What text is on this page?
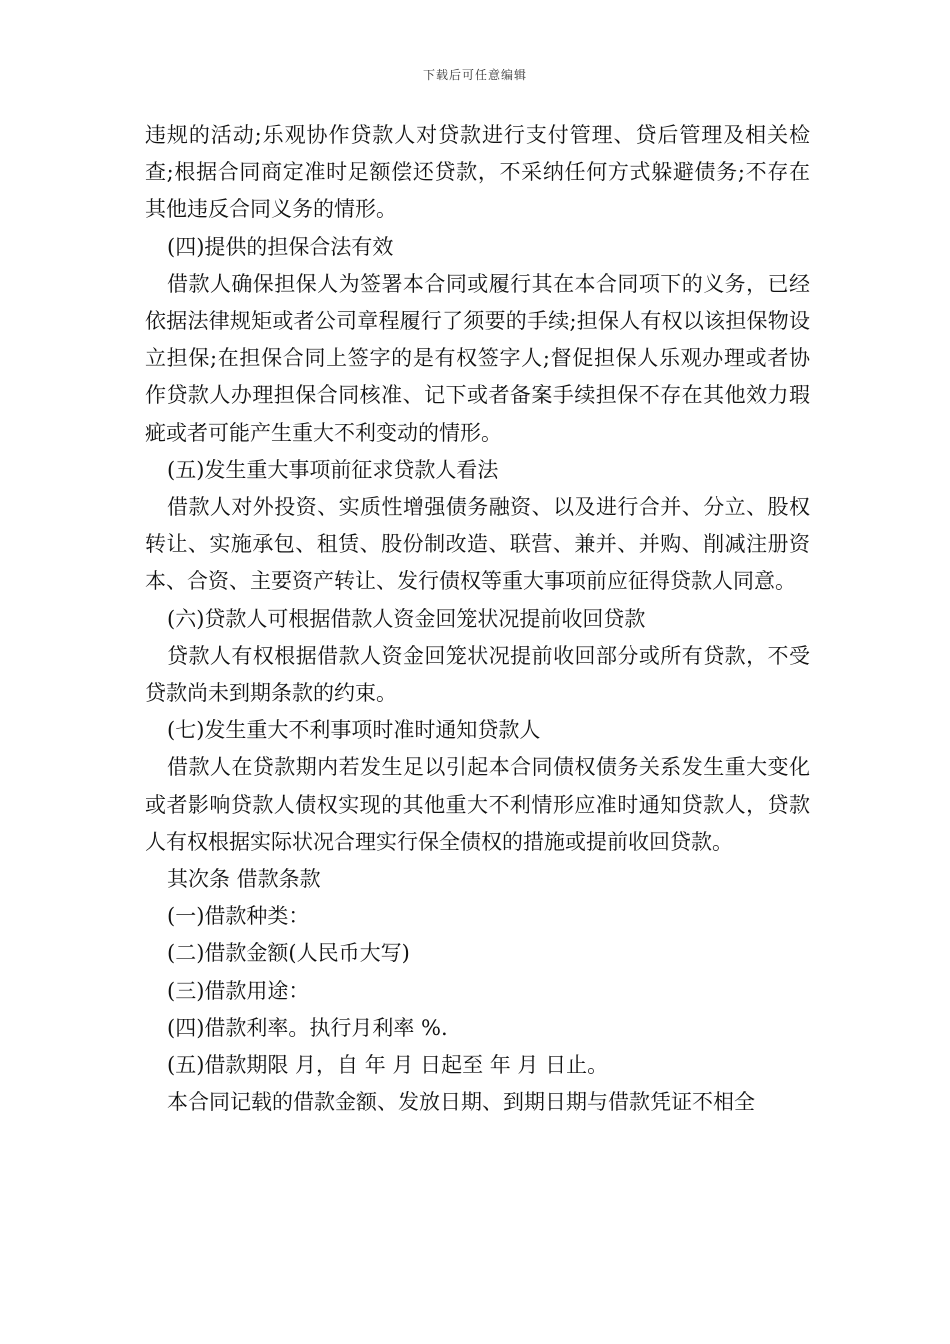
下载后可任意编辑

违规的活动;乐观协作贷款人对贷款进行支付管理、贷后管理及相关检查;根据合同商定准时足额偿还贷款，不采纳任何方式躲避债务;不存在其他违反合同义务的情形。

(四)提供的担保合法有效

借款人确保担保人为签署本合同或履行其在本合同项下的义务，已经依据法律规矩或者公司章程履行了须要的手续;担保人有权以该担保物设立担保;在担保合同上签字的是有权签字人;督促担保人乐观办理或者协作贷款人办理担保合同核准、记下或者备案手续担保不存在其他效力瑕疵或者可能产生重大不利变动的情形。

(五)发生重大事项前征求贷款人看法

借款人对外投资、实质性增强债务融资、以及进行合并、分立、股权转让、实施承包、租赁、股份制改造、联营、兼并、并购、削减注册资本、合资、主要资产转让、发行债权等重大事项前应征得贷款人同意。

(六)贷款人可根据借款人资金回笼状况提前收回贷款

贷款人有权根据借款人资金回笼状况提前收回部分或所有贷款，不受贷款尚未到期条款的约束。

(七)发生重大不利事项时准时通知贷款人

借款人在贷款期内若发生足以引起本合同债权债务关系发生重大变化或者影响贷款人债权实现的其他重大不利情形应准时通知贷款人，贷款人有权根据实际状况合理实行保全债权的措施或提前收回贷款。

其次条 借款条款

(一)借款种类：

(二)借款金额(人民币大写)

(三)借款用途：

(四)借款利率。执行月利率 %.

(五)借款期限 月，自 年 月 日起至 年 月 日止。

本合同记载的借款金额、发放日期、到期日期与借款凭证不相全
